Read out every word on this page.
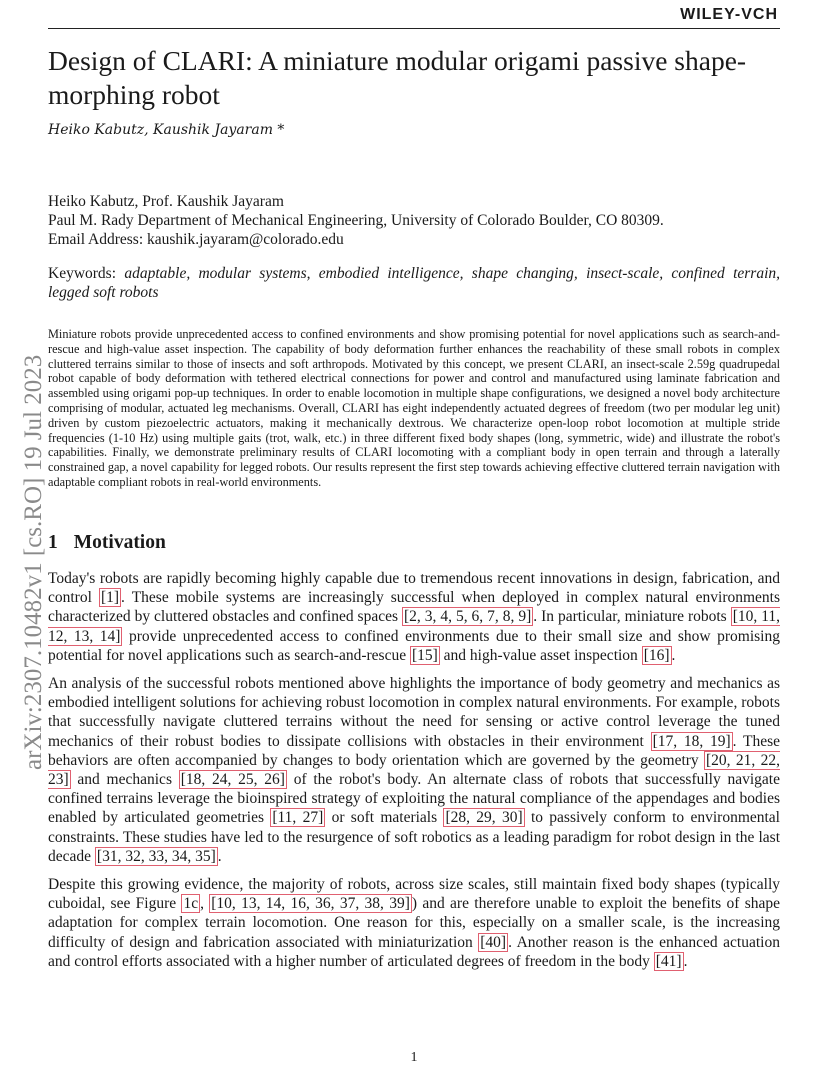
WILEY-VCH
arXiv:2307.10482v1 [cs.RO] 19 Jul 2023
Design of CLARI: A miniature modular origami passive shape-morphing robot
Heiko Kabutz, Kaushik Jayaram *
Heiko Kabutz, Prof. Kaushik Jayaram
Paul M. Rady Department of Mechanical Engineering, University of Colorado Boulder, CO 80309.
Email Address: kaushik.jayaram@colorado.edu
Keywords: adaptable, modular systems, embodied intelligence, shape changing, insect-scale, confined terrain, legged soft robots
Miniature robots provide unprecedented access to confined environments and show promising potential for novel applications such as search-and-rescue and high-value asset inspection. The capability of body deformation further enhances the reachability of these small robots in complex cluttered terrains similar to those of insects and soft arthropods. Motivated by this concept, we present CLARI, an insect-scale 2.59g quadrupedal robot capable of body deformation with tethered electrical connections for power and control and manufactured using laminate fabrication and assembled using origami pop-up techniques. In order to enable locomotion in multiple shape configurations, we designed a novel body architecture comprising of modular, actuated leg mechanisms. Overall, CLARI has eight independently actuated degrees of freedom (two per modular leg unit) driven by custom piezoelectric actuators, making it mechanically dextrous. We characterize open-loop robot locomotion at multiple stride frequencies (1-10 Hz) using multiple gaits (trot, walk, etc.) in three different fixed body shapes (long, symmetric, wide) and illustrate the robot's capabilities. Finally, we demonstrate preliminary results of CLARI locomoting with a compliant body in open terrain and through a laterally constrained gap, a novel capability for legged robots. Our results represent the first step towards achieving effective cluttered terrain navigation with adaptable compliant robots in real-world environments.
1 Motivation

Today's robots are rapidly becoming highly capable due to tremendous recent innovations in design, fabrication, and control [1] . These mobile systems are increasingly successful when deployed in complex natural environments characterized by cluttered obstacles and confined spaces [2, 3, 4, 5, 6, 7, 8, 9] . In particular, miniature robots [10, 11, 12, 13, 14] provide unprecedented access to confined environments due to their small size and show promising potential for novel applications such as search-and-rescue [15] and high-value asset inspection [16] .

An analysis of the successful robots mentioned above highlights the importance of body geometry and mechanics as embodied intelligent solutions for achieving robust locomotion in complex natural environments. For example, robots that successfully navigate cluttered terrains without the need for sensing or active control leverage the tuned mechanics of their robust bodies to dissipate collisions with obstacles in their environment [17, 18, 19] . These behaviors are often accompanied by changes to body orientation which are governed by the geometry [20, 21, 22, 23] and mechanics [18, 24, 25, 26] of the robot's body. An alternate class of robots that successfully navigate confined terrains leverage the bioinspired strategy of exploiting the natural compliance of the appendages and bodies enabled by articulated geometries [11, 27] or soft materials [28, 29, 30] to passively conform to environmental constraints. These studies have led to the resurgence of soft robotics as a leading paradigm for robot design in the last decade [31, 32, 33, 34, 35] .

Despite this growing evidence, the majority of robots, across size scales, still maintain fixed body shapes (typically cuboidal, see Figure 1c , [10, 13, 14, 16, 36, 37, 38, 39] ) and are therefore unable to exploit the benefits of shape adaptation for complex terrain locomotion. One reason for this, especially on a smaller scale, is the increasing difficulty of design and fabrication associated with miniaturization [40] . Another reason is the enhanced actuation and control efforts associated with a higher number of articulated degrees of freedom in the body [41] .

1
